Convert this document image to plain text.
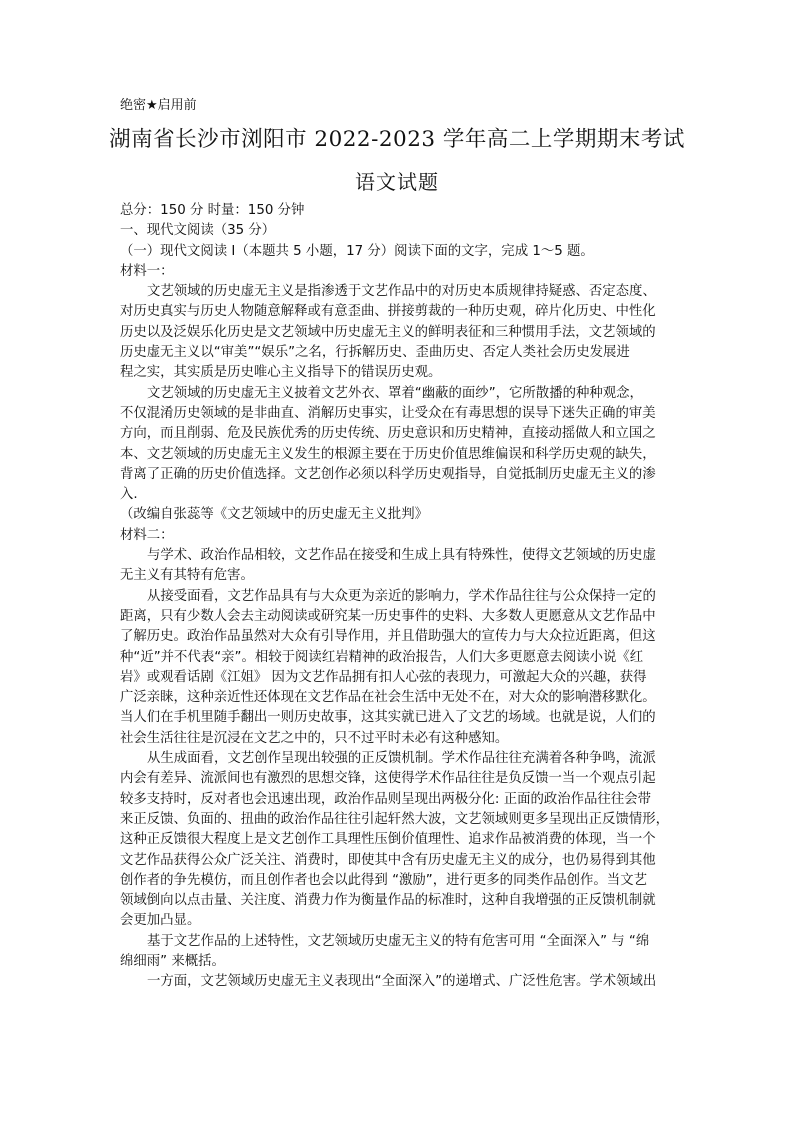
绝密★启用前
湖南省长沙市浏阳市 2022-2023 学年高二上学期期末考试
语文试题
总分：150 分 时量：150 分钟
一、现代文阅读（35 分）
（一）现代文阅读 I（本题共 5 小题，17 分）阅读下面的文字，完成 1～5 题。
材料一：
文艺领域的历史虚无主义是指渗透于文艺作品中的对历史本质规律持疑惑、否定态度、
对历史真实与历史人物随意解释或有意歪曲、拼接剪裁的一种历史观，碎片化历史、中性化
历史以及泛娱乐化历史是文艺领域中历史虚无主义的鲜明表征和三种惯用手法，文艺领域的
历史虚无主义以“审美”“娱乐”之名，行拆解历史、歪曲历史、否定人类社会历史发展进
程之实，其实质是历史唯心主义指导下的错误历史观。
文艺领域的历史虚无主义披着文艺外衣、罩着“幽蔽的面纱”，它所散播的种种观念，
不仅混淆历史领域的是非曲直、消解历史事实，让受众在有毒思想的误导下迷失正确的审美
方向，而且削弱、危及民族优秀的历史传统、历史意识和历史精神，直接动摇做人和立国之
本、文艺领域的历史虚无主义发生的根源主要在于历史价值思维偏误和科学历史观的缺失，
背离了正确的历史价值选择。文艺创作必须以科学历史观指导，自觉抵制历史虚无主义的渗
入.
（改编自张蕊等《文艺领域中的历史虚无主义批判》
材料二：
与学术、政治作品相较，文艺作品在接受和生成上具有特殊性，使得文艺领域的历史虚
无主义有其特有危害。
从接受面看，文艺作品具有与大众更为亲近的影响力，学术作品往往与公众保持一定的
距离，只有少数人会去主动阅读或研究某一历史事件的史料、大多数人更愿意从文艺作品中
了解历史。政治作品虽然对大众有引导作用，并且借助强大的宣传力与大众拉近距离，但这
种“近”并不代表“亲”。相较于阅读红岩精神的政治报告，人们大多更愿意去阅读小说《红
岩》或观看话剧《江姐》 因为文艺作品拥有扣人心弦的表现力，可激起大众的兴趣，获得
广泛亲睐，这种亲近性还体现在文艺作品在社会生活中无处不在，对大众的影响潜移默化。
当人们在手机里随手翻出一则历史故事，这其实就已进入了文艺的场域。也就是说，人们的
社会生活往往是沉浸在文艺之中的，只不过平时未必有这种感知。
从生成面看，文艺创作呈现出较强的正反馈机制。学术作品往往充满着各种争鸣，流派
内会有差异、流派间也有激烈的思想交锋，这使得学术作品往往是负反馈一当一个观点引起
较多支持时，反对者也会迅速出现，政治作品则呈现出两极分化: 正面的政治作品往往会带
来正反馈、负面的、扭曲的政治作品往往引起轩然大波，文艺领域则更多呈现出正反馈情形，
这种正反馈很大程度上是文艺创作工具理性压倒价值理性、追求作品被消费的体现，当一个
文艺作品获得公众广泛关注、消费时，即使其中含有历史虚无主义的成分，也仍易得到其他
创作者的争先模仿，而且创作者也会以此得到 “激励”，进行更多的同类作品创作。当文艺
领域倒向以点击量、关注度、消费力作为衡量作品的标准时，这种自我增强的正反馈机制就
会更加凸显。
基于文艺作品的上述特性，文艺领域历史虚无主义的特有危害可用 “全面深入” 与 “绵
绵细雨” 来概括。
一方面，文艺领域历史虚无主义表现出“全面深入”的递增式、广泛性危害。学术领域出
